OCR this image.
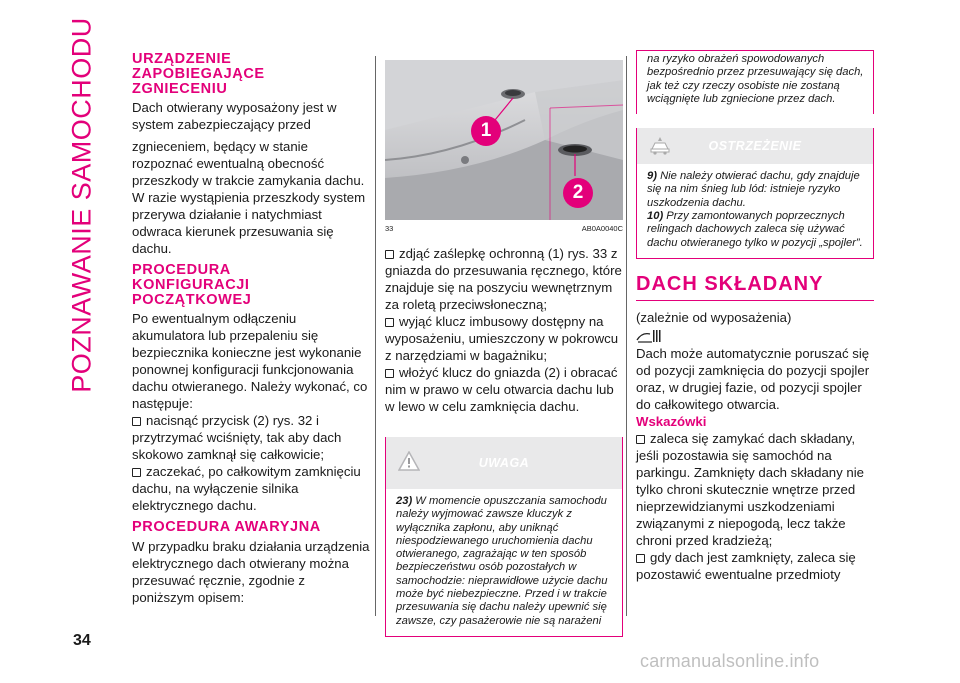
POZNAWANIE SAMOCHODU URZĄDZENIE
ZAPOBIEGAJĄCE
ZGNIECENIU

Dach otwierany wyposażony jest w system zabezpieczający przed

zgnieceniem, będący w stanie rozpoznać ewentualną obecność przeszkody w trakcie zamykania dachu. W razie wystąpienia przeszkody system przerywa działanie i natychmiast odwraca kierunek przesuwania się dachu.

PROCEDURA
KONFIGURACJI
POCZĄTKOWEJ

Po ewentualnym odłączeniu akumulatora lub przepaleniu się bezpiecznika konieczne jest wykonanie ponownej konfiguracji funkcjonowania dachu otwieranego. Należy wykonać, co następuje:

nacisnąć przycisk (2) rys. 32 i przytrzymać wciśnięty, tak aby dach skokowo zamknął się całkowicie;

zaczekać, po całkowitym zamknięciu dachu, na wyłączenie silnika elektrycznego dachu.

PROCEDURA AWARYJNA

W przypadku braku działania urządzenia elektrycznego dach otwierany można przesuwać ręcznie, zgodnie z poniższym opisem:

1
2
33	AB0A0040C

zdjąć zaślepkę ochronną (1) rys. 33 z gniazda do przesuwania ręcznego, które znajduje się na poszyciu wewnętrznym za roletą przeciwsłoneczną;

wyjąć klucz imbusowy dostępny na wyposażeniu, umieszczony w pokrowcu z narzędziami w bagażniku;

włożyć klucz do gniazda (2) i obracać nim w prawo w celu otwarcia dachu lub w lewo w celu zamknięcia dachu.

UWAGA
23) W momencie opuszczania samochodu należy wyjmować zawsze kluczyk z wyłącznika zapłonu, aby uniknąć niespodziewanego uruchomienia dachu otwieranego, zagrażając w ten sposób bezpieczeństwu osób pozostałych w samochodzie: nieprawidłowe użycie dachu może być niebezpieczne. Przed i w trakcie przesuwania się dachu należy upewnić się zawsze, czy pasażerowie nie są narażeni
na ryzyko obrażeń spowodowanych bezpośrednio przez przesuwający się dach, jak też czy rzeczy osobiste nie zostaną wciągnięte lub zgniecione przez dach.
OSTRZEŻENIE
9) Nie należy otwierać dachu, gdy znajduje się na nim śnieg lub lód: istnieje ryzyko uszkodzenia dachu.
10) Przy zamontowanych poprzecznych relingach dachowych zaleca się używać dachu otwieranego tylko w pozycji „spojler”.
DACH SKŁADANY

(zależnie od wyposażenia)

Dach może automatycznie poruszać się od pozycji zamknięcia do pozycji spojler oraz, w drugiej fazie, od pozycji spojler do całkowitego otwarcia.

Wskazówki

zaleca się zamykać dach składany, jeśli pozostawia się samochód na parkingu. Zamknięty dach składany nie tylko chroni skutecznie wnętrze przed nieprzewidzianymi uszkodzeniami związanymi z niepogodą, lecz także chroni przed kradzieżą;

gdy dach jest zamknięty, zaleca się pozostawić ewentualne przedmioty

34
carmanualsonline.info
